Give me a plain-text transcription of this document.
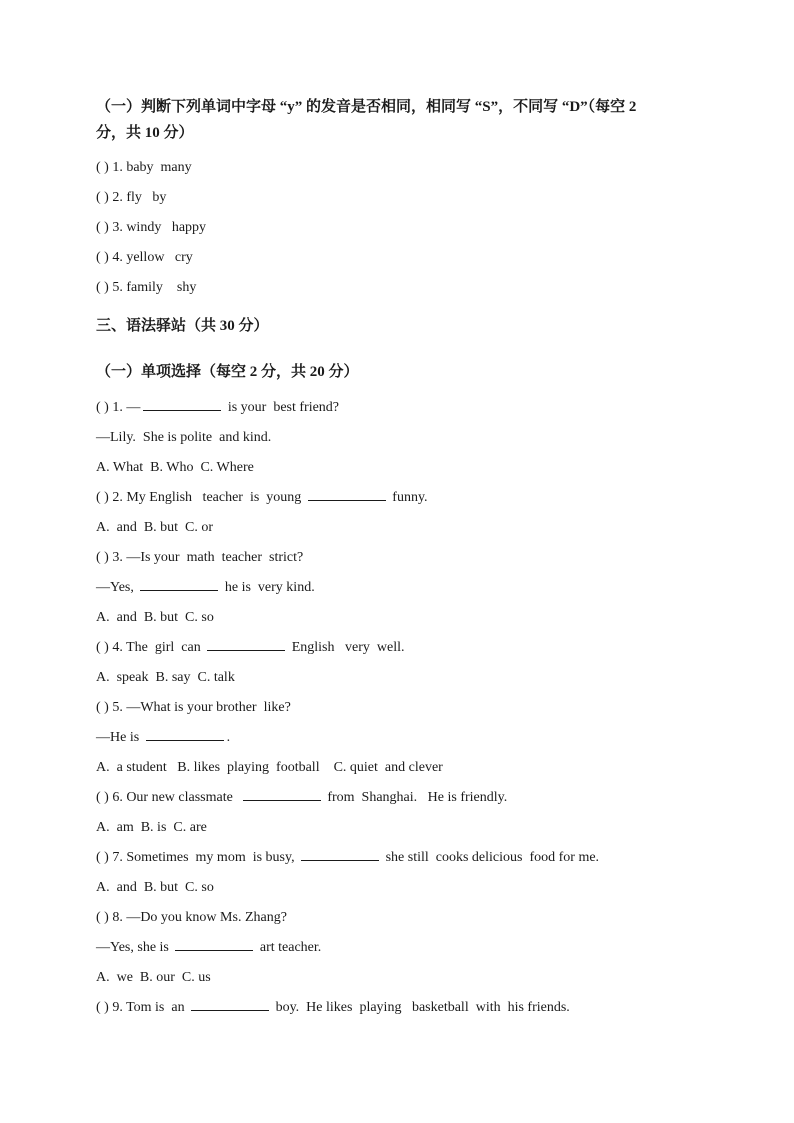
（一）判断下列单词中字母 “y” 的发音是否相同，相同写 “S”，不同写 “D”（每空 2
分，共 10 分）

( ) 1. baby  many

( ) 2. fly   by

( ) 3. windy   happy

( ) 4. yellow   cry

( ) 5. family    shy

三、语法驿站（共 30 分）

（一）单项选择（每空 2 分，共 20 分）

( ) 1. —	is your  best friend?

—Lily.  She is polite  and kind.

A. What  B. Who  C. Where

( ) 2. My English   teacher  is  young	funny.

A.  and  B. but  C. or

( ) 3. —Is your  math  teacher  strict?

—Yes,	he is  very kind.

A.  and  B. but  C. so

( ) 4. The  girl  can	English   very  well.

A.  speak  B. say  C. talk

( ) 5. —What is your brother  like?

—He is	.

A.  a student   B. likes  playing  football    C. quiet  and clever

( ) 6. Our new classmate	from  Shanghai.   He is friendly.

A.  am  B. is  C. are

( ) 7. Sometimes  my mom  is busy,	she still  cooks delicious  food for me.

A.  and  B. but  C. so

( ) 8. —Do you know Ms. Zhang?

—Yes, she is	art teacher.

A.  we  B. our  C. us

( ) 9. Tom is  an	boy.  He likes  playing   basketball  with  his friends.
